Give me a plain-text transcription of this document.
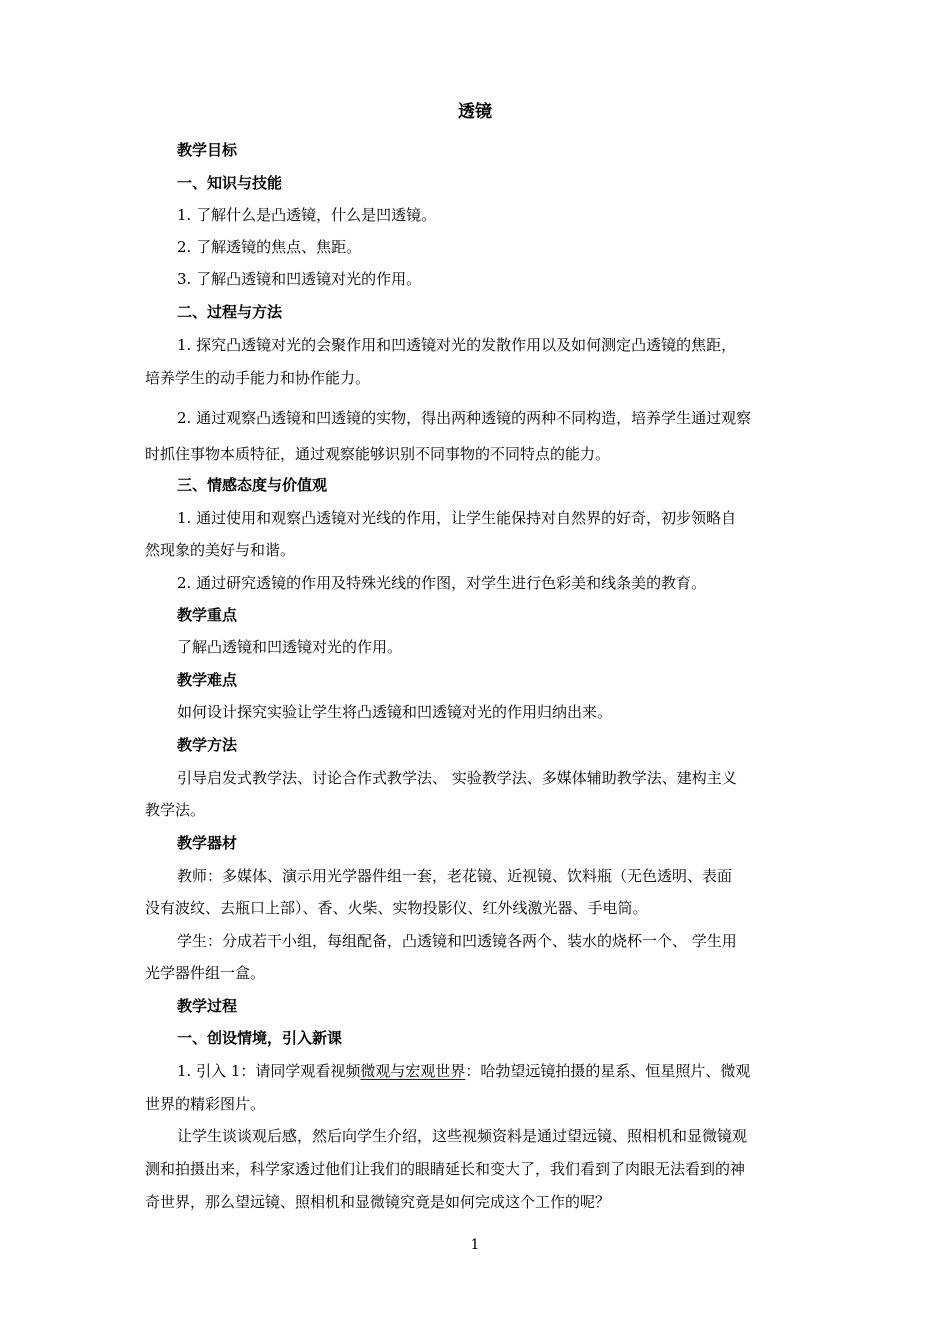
透镜
教学目标
一、知识与技能
1. 了解什么是凸透镜，什么是凹透镜。
2. 了解透镜的焦点、焦距。
3. 了解凸透镜和凹透镜对光的作用。
二、过程与方法
1. 探究凸透镜对光的会聚作用和凹透镜对光的发散作用以及如何测定凸透镜的焦距，
培养学生的动手能力和协作能力。
2. 通过观察凸透镜和凹透镜的实物，得出两种透镜的两种不同构造，培养学生通过观察
时抓住事物本质特征，通过观察能够识别不同事物的不同特点的能力。
三、情感态度与价值观
1. 通过使用和观察凸透镜对光线的作用，让学生能保持对自然界的好奇，初步领略自
然现象的美好与和谐。
2. 通过研究透镜的作用及特殊光线的作图，对学生进行色彩美和线条美的教育。
教学重点
了解凸透镜和凹透镜对光的作用。
教学难点
如何设计探究实验让学生将凸透镜和凹透镜对光的作用归纳出来。
教学方法
引导启发式教学法、讨论合作式教学法、 实验教学法、多媒体辅助教学法、建构主义
教学法。
教学器材
教师：多媒体、演示用光学器件组一套，老花镜、近视镜、饮料瓶（无色透明、表面
没有波纹、去瓶口上部）、香、火柴、实物投影仪、红外线激光器、手电筒。
学生：分成若干小组，每组配备，凸透镜和凹透镜各两个、装水的烧杯一个、 学生用
光学器件组一盒。
教学过程
一、创设情境，引入新课
1. 引入 1：请同学观看视频微观与宏观世界：哈勃望远镜拍摄的星系、恒星照片、微观
世界的精彩图片。
让学生谈谈观后感，然后向学生介绍，这些视频资料是通过望远镜、照相机和显微镜观
测和拍摄出来，科学家透过他们让我们的眼睛延长和变大了，我们看到了肉眼无法看到的神
奇世界，那么望远镜、照相机和显微镜究竟是如何完成这个工作的呢？
1
